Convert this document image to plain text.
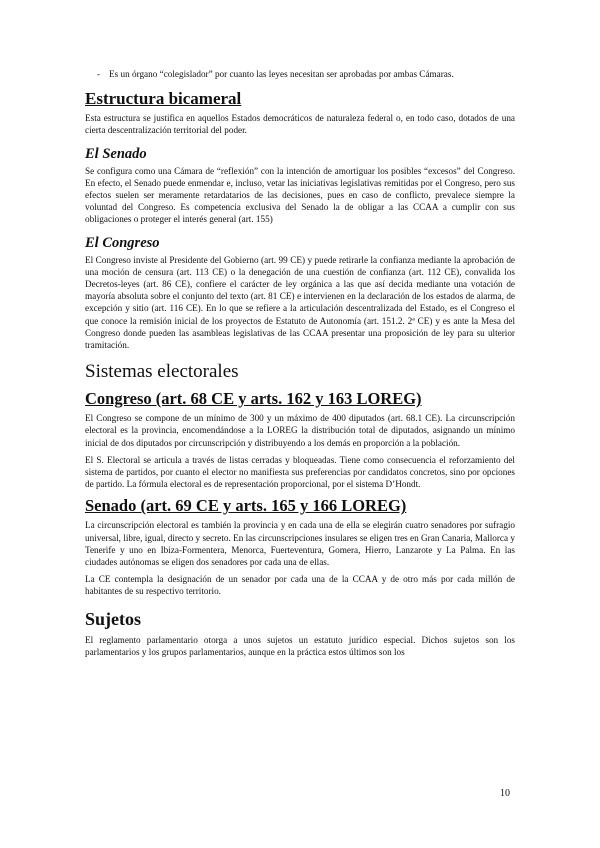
- Es un órgano “colegislador” por cuanto las leyes necesitan ser aprobadas por ambas Cámaras.
Estructura bicameral

Esta estructura se justifica en aquellos Estados democráticos de naturaleza federal o, en todo caso, dotados de una cierta descentralización territorial del poder.

El Senado

Se configura como una Cámara de “reflexión” con la intención de amortiguar los posibles “excesos” del Congreso. En efecto, el Senado puede enmendar e, incluso, vetar las iniciativas legislativas remitidas por el Congreso, pero sus efectos suelen ser meramente retardatarios de las decisiones, pues en caso de conflicto, prevalece siempre la voluntad del Congreso. Es competencia exclusiva del Senado la de obligar a las CCAA a cumplir con sus obligaciones o proteger el interés general (art. 155)

El Congreso

El Congreso inviste al Presidente del Gobierno (art. 99 CE) y puede retirarle la confianza mediante la aprobación de una moción de censura (art. 113 CE) o la denegación de una cuestión de confianza (art. 112 CE), convalida los Decretos-leyes (art. 86 CE), confiere el carácter de ley orgánica a las que así decida mediante una votación de mayoría absoluta sobre el conjunto del texto (art. 81 CE) e intervienen en la declaración de los estados de alarma, de excepción y sitio (art. 116 CE). En lo que se refiere a la articulación descentralizada del Estado, es el Congreso el que conoce la remisión inicial de los proyectos de Estatuto de Autonomía (art. 151.2. 2ª CE) y es ante la Mesa del Congreso donde pueden las asambleas legislativas de las CCAA presentar una proposición de ley para su ulterior tramitación.

Sistemas electorales
Congreso (art. 68 CE y arts. 162 y 163 LOREG)

El Congreso se compone de un mínimo de 300 y un máximo de 400 diputados (art. 68.1 CE). La circunscripción electoral es la provincia, encomendándose a la LOREG la distribución total de diputados, asignando un mínimo inicial de dos diputados por circunscripción y distribuyendo a los demás en proporción a la población.

El S. Electoral se articula a través de listas cerradas y bloqueadas. Tiene como consecuencia el reforzamiento del sistema de partidos, por cuanto el elector no manifiesta sus preferencias por candidatos concretos, sino por opciones de partido. La fórmula electoral es de representación proporcional, por el sistema D’Hondt.

Senado (art. 69 CE y arts. 165 y 166 LOREG)

La circunscripción electoral es también la provincia y en cada una de ella se elegirán cuatro senadores por sufragio universal, libre, igual, directo y secreto. En las circunscripciones insulares se eligen tres en Gran Canaria, Mallorca y Tenerife y uno en Ibiza-Formentera, Menorca, Fuerteventura, Gomera, Hierro, Lanzarote y La Palma. En las ciudades autónomas se eligen dos senadores por cada una de ellas.

La CE contempla la designación de un senador por cada una de la CCAA y de otro más por cada millón de habitantes de su respectivo territorio.

Sujetos

El reglamento parlamentario otorga a unos sujetos un estatuto jurídico especial. Dichos sujetos son los parlamentarios y los grupos parlamentarios, aunque en la práctica estos últimos son los

10
